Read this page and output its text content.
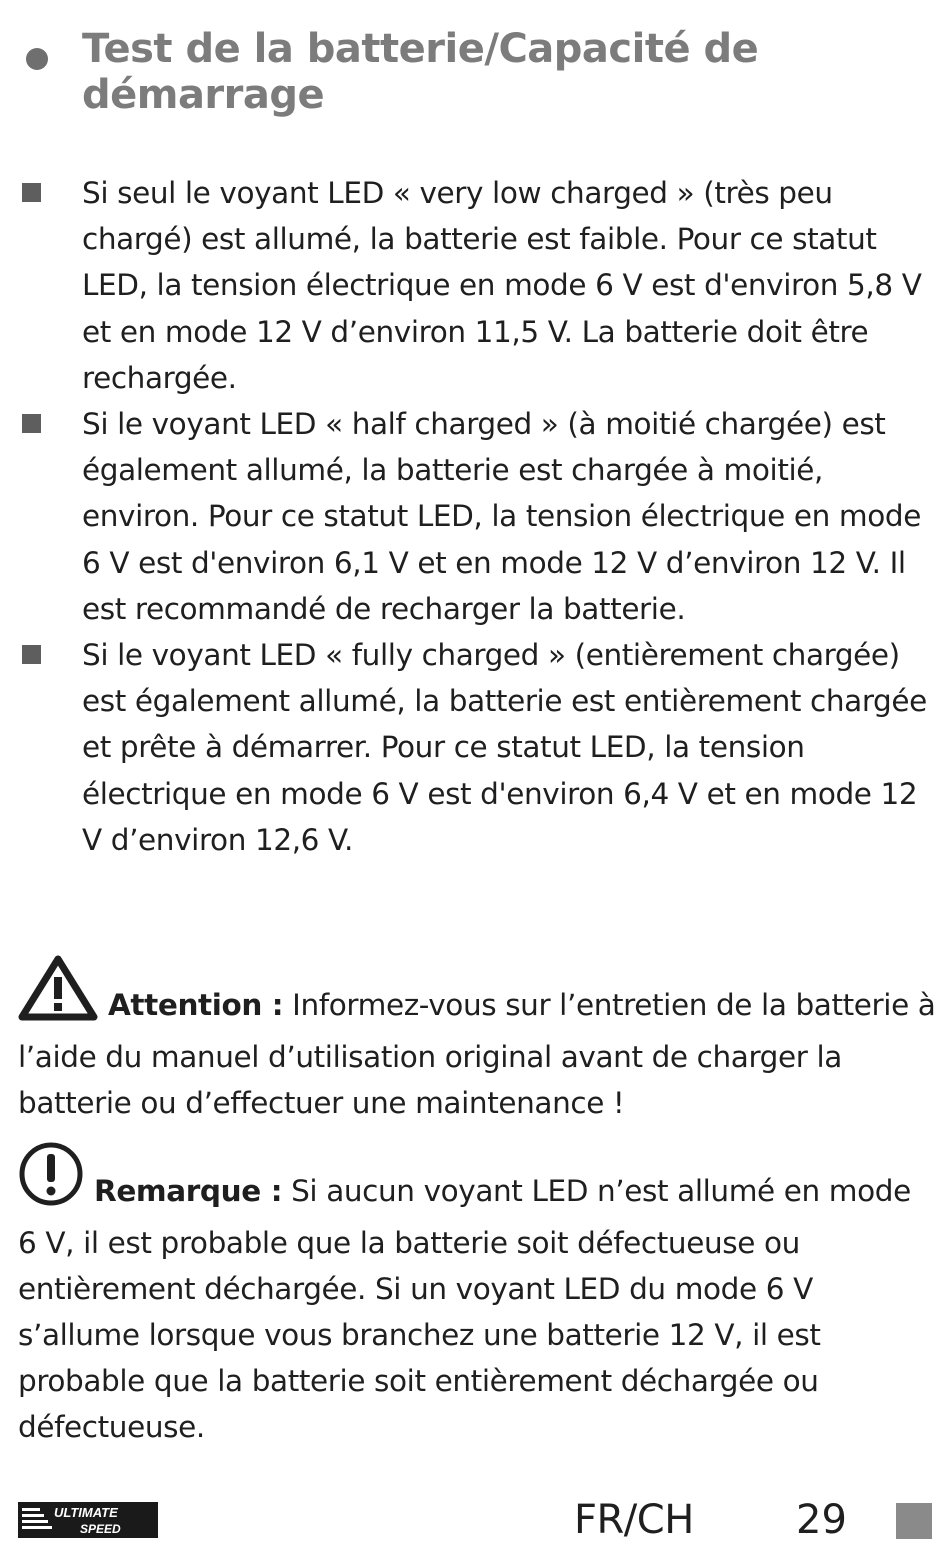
Test de la batterie/Capacité de démarrage
Si seul le voyant LED « very low charged » (très peu chargé) est allumé, la batterie est faible. Pour ce statut LED, la tension électrique en mode 6 V est d'environ 5,8 V et en mode 12 V d’environ 11,5 V. La batterie doit être rechargée.
Si le voyant LED « half charged » (à moitié chargée) est également allumé, la batterie est chargée à moitié, environ. Pour ce statut LED, la tension électrique en mode 6 V est d'environ 6,1 V et en mode 12 V d’environ 12 V. Il est recommandé de recharger la batterie.
Si le voyant LED « fully charged » (entièrement chargée) est également allumé, la batterie est entièrement chargée et prête à démarrer. Pour ce statut LED, la tension électrique en mode 6 V est d'environ 6,4 V et en mode 12 V d’environ 12,6 V.

Attention : Informez-vous sur l’entretien de la batterie à l’aide du manuel d’utilisation original avant de charger la batterie ou d’effectuer une maintenance !

Remarque : Si aucun voyant LED n’est allumé en mode 6 V, il est probable que la batterie soit défectueuse ou entièrement déchargée. Si un voyant LED du mode 6 V s’allume lorsque vous branchez une batterie 12 V, il est probable que la batterie soit entièrement déchargée ou défectueuse.

ULTIMATE
SPEED	FR/CH	29
